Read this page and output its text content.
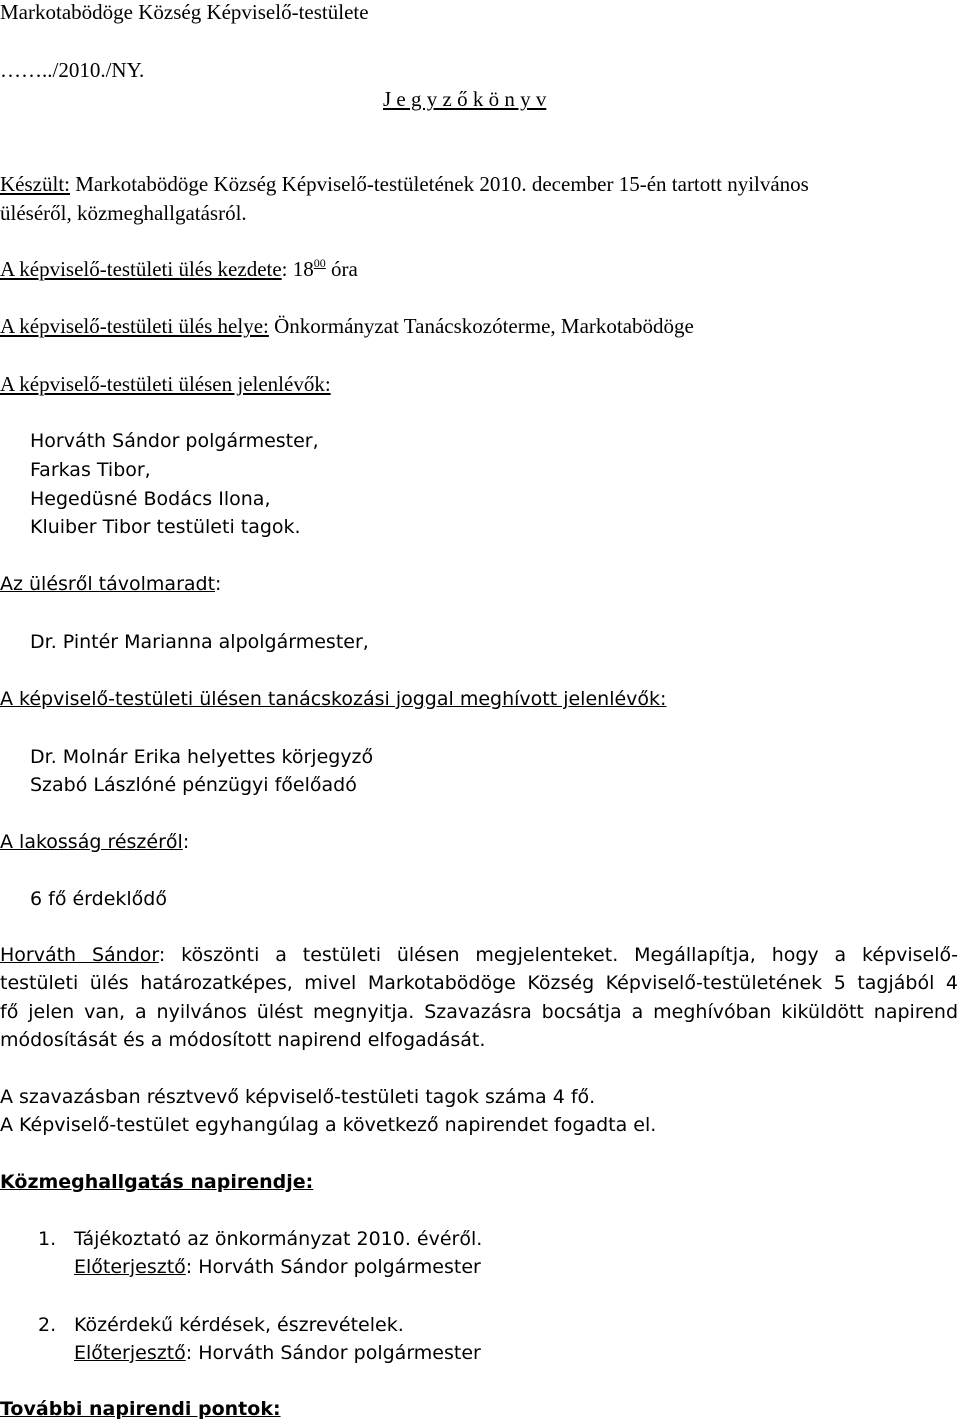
Markotabödöge Község Képviselő-testülete
……../2010./NY.
J e g y z ő k ö n y v
Készült: Markotabödöge Község Képviselő-testületének 2010. december 15-én tartott nyilvános
üléséről, közmeghallgatásról.
A képviselő-testületi ülés kezdete: $18^{00}$ óra
A képviselő-testületi ülés helye: Önkormányzat Tanácskozóterme, Markotabödöge
A képviselő-testületi ülésen jelenlévők:
Horváth Sándor polgármester,
Farkas Tibor,
Hegedüsné Bodács Ilona,
Kluiber Tibor testületi tagok.
Az ülésről távolmaradt:
Dr. Pintér Marianna alpolgármester,
A képviselő-testületi ülésen tanácskozási joggal meghívott jelenlévők:
Dr. Molnár Erika helyettes körjegyző
Szabó Lászlóné pénzügyi főelőadó
A lakosság részéről:
6 fő érdeklődő
Horváth Sándor: köszönti a testületi ülésen megjelenteket. Megállapítja, hogy a képviselő-
testületi ülés határozatképes, mivel Markotabödöge Község Képviselő-testületének 5 tagjából 4
fő jelen van, a nyilvános ülést megnyitja. Szavazásra bocsátja a meghívóban kiküldött napirend
módosítását és a módosított napirend elfogadását.
A szavazásban résztvevő képviselő-testületi tagok száma 4 fő.
A Képviselő-testület egyhangúlag a következő napirendet fogadta el.
Közmeghallgatás napirendje:
1. Tájékoztató az önkormányzat 2010. évéről.
Előterjesztő: Horváth Sándor polgármester
2. Közérdekű kérdések, észrevételek.
Előterjesztő: Horváth Sándor polgármester
További napirendi pontok:
